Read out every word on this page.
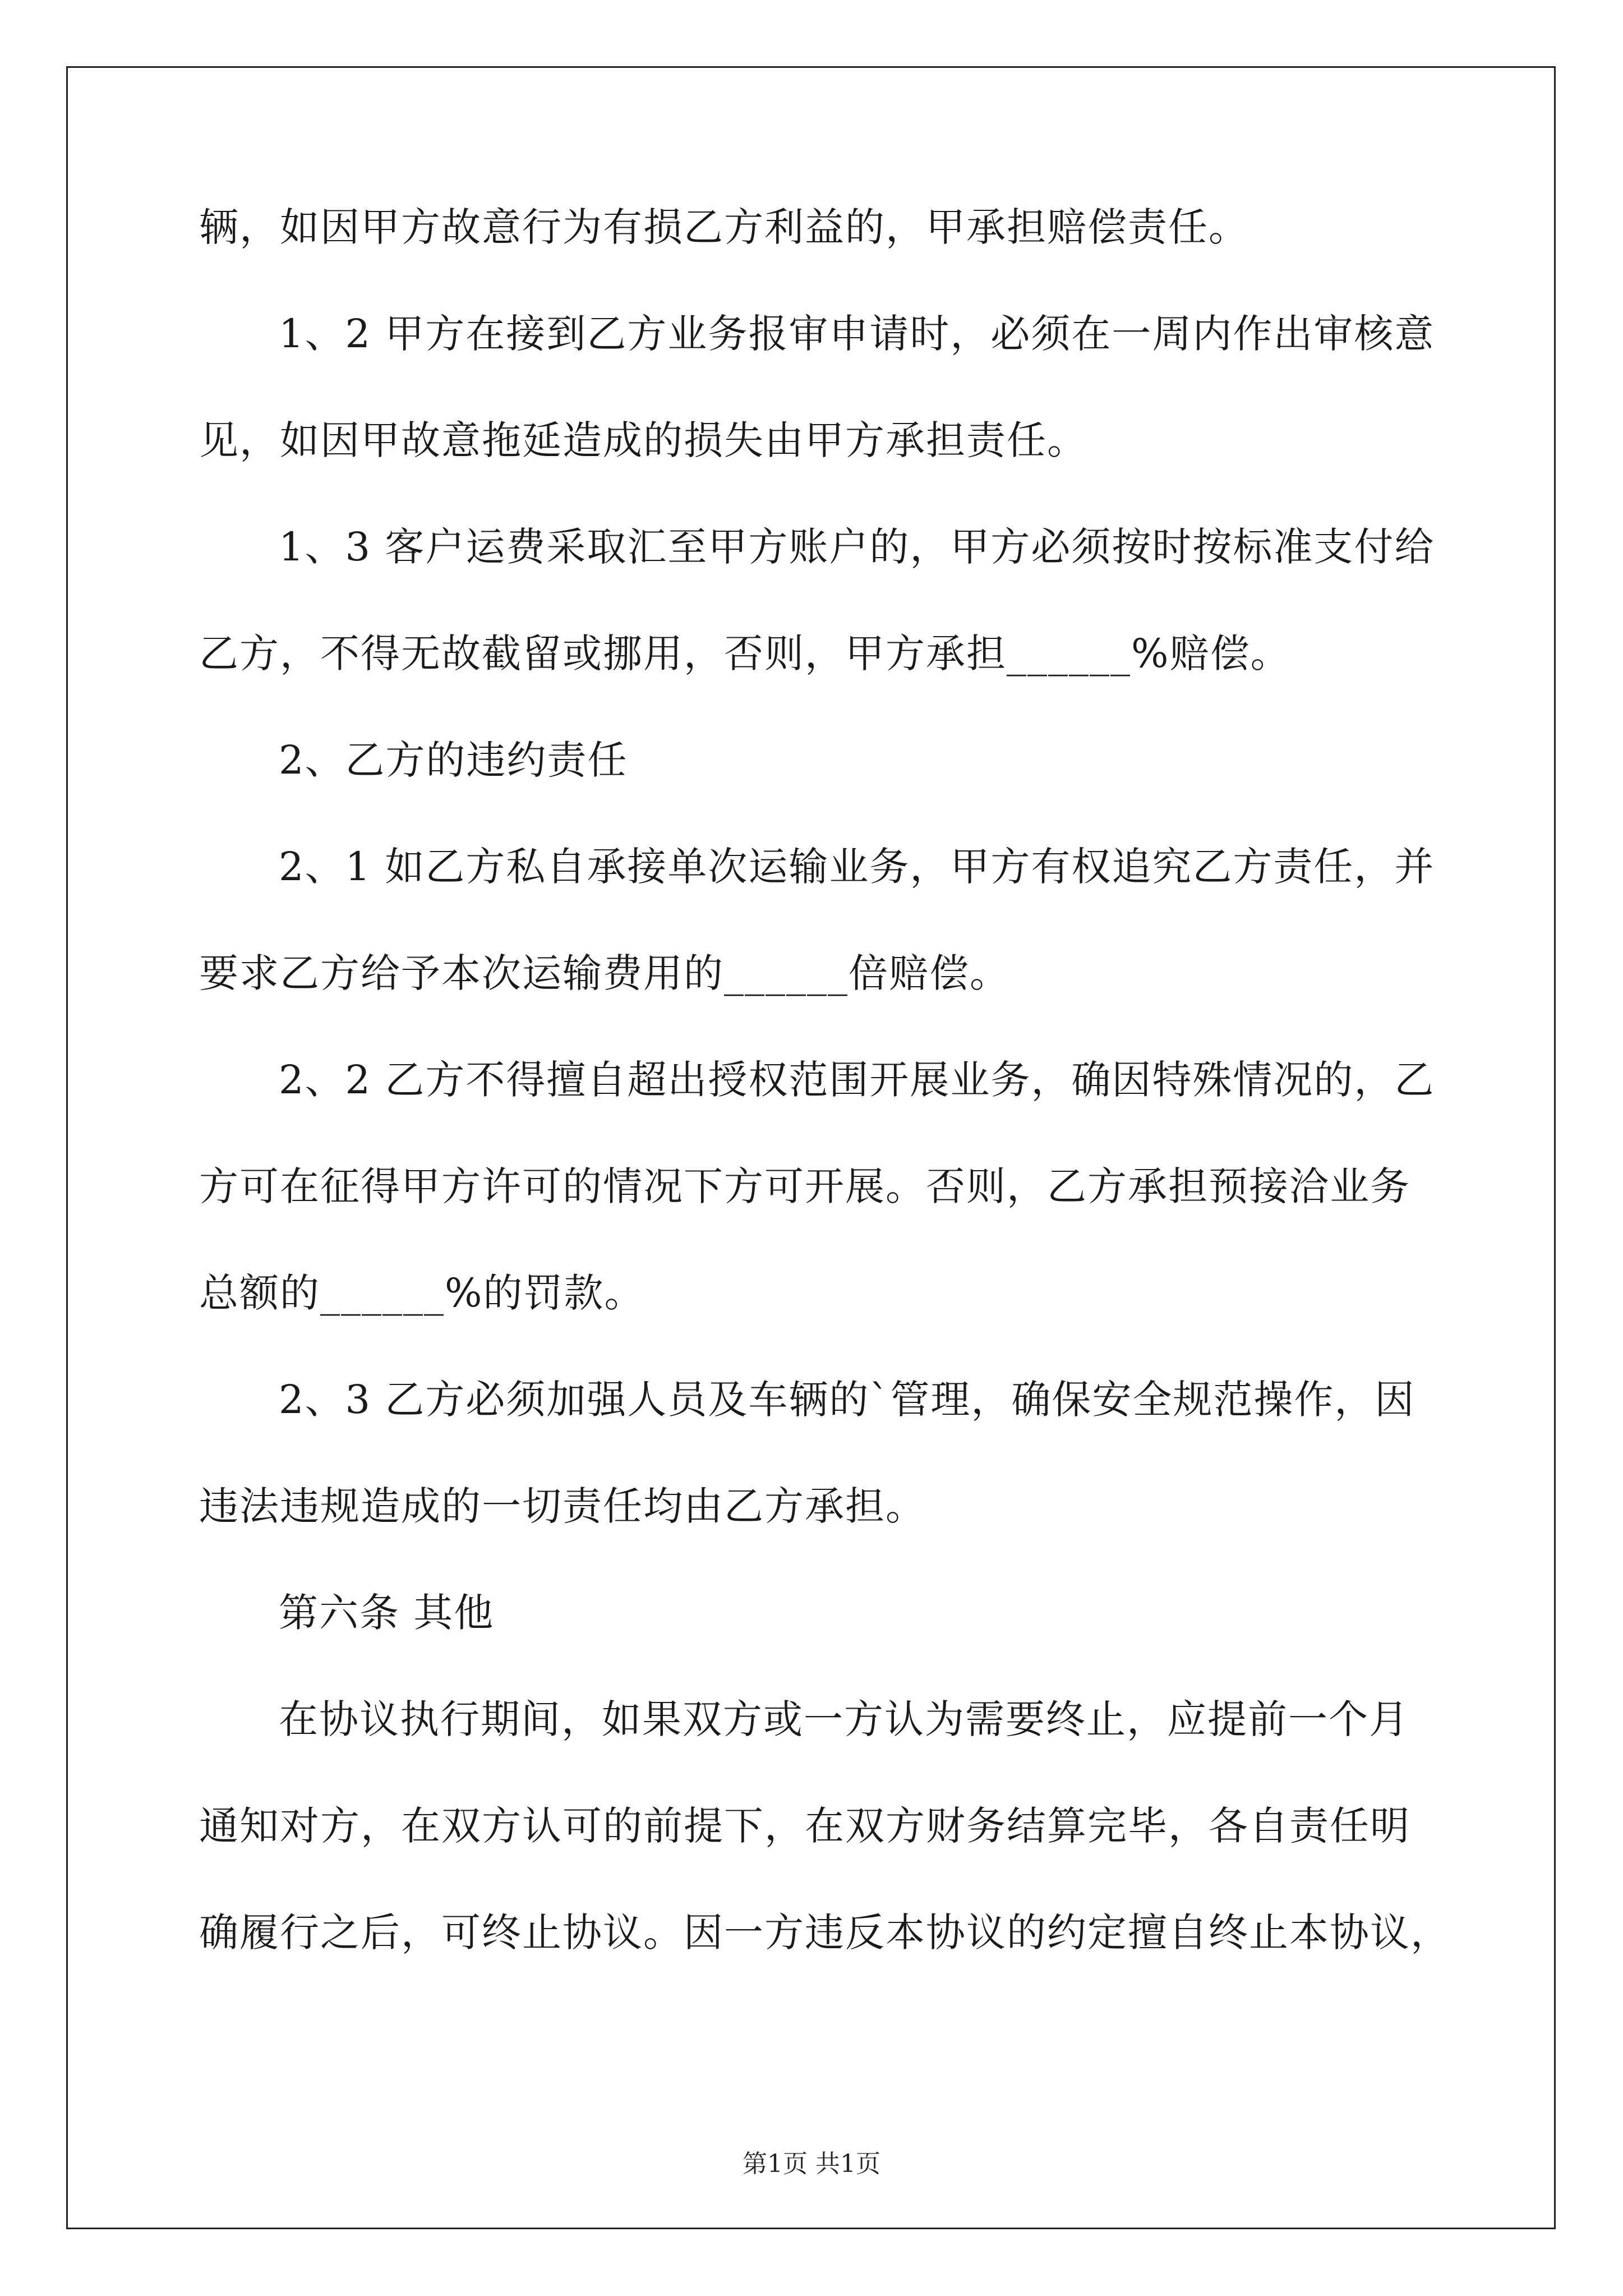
辆，如因甲方故意行为有损乙方利益的，甲承担赔偿责任。
1、2 甲方在接到乙方业务报审申请时，必须在一周内作出审核意
见，如因甲故意拖延造成的损失由甲方承担责任。
1、3 客户运费采取汇至甲方账户的，甲方必须按时按标准支付给
乙方，不得无故截留或挪用，否则，甲方承担______%赔偿。
2、乙方的违约责任
2、1 如乙方私自承接单次运输业务，甲方有权追究乙方责任，并
要求乙方给予本次运输费用的______倍赔偿。
2、2 乙方不得擅自超出授权范围开展业务，确因特殊情况的，乙
方可在征得甲方许可的情况下方可开展。否则，乙方承担预接洽业务
总额的______%的罚款。
2、3 乙方必须加强人员及车辆的`管理，确保安全规范操作，因
违法违规造成的一切责任均由乙方承担。
第六条 其他
在协议执行期间，如果双方或一方认为需要终止，应提前一个月
通知对方，在双方认可的前提下，在双方财务结算完毕，各自责任明
确履行之后，可终止协议。因一方违反本协议的约定擅自终止本协议，
第1页 共1页
